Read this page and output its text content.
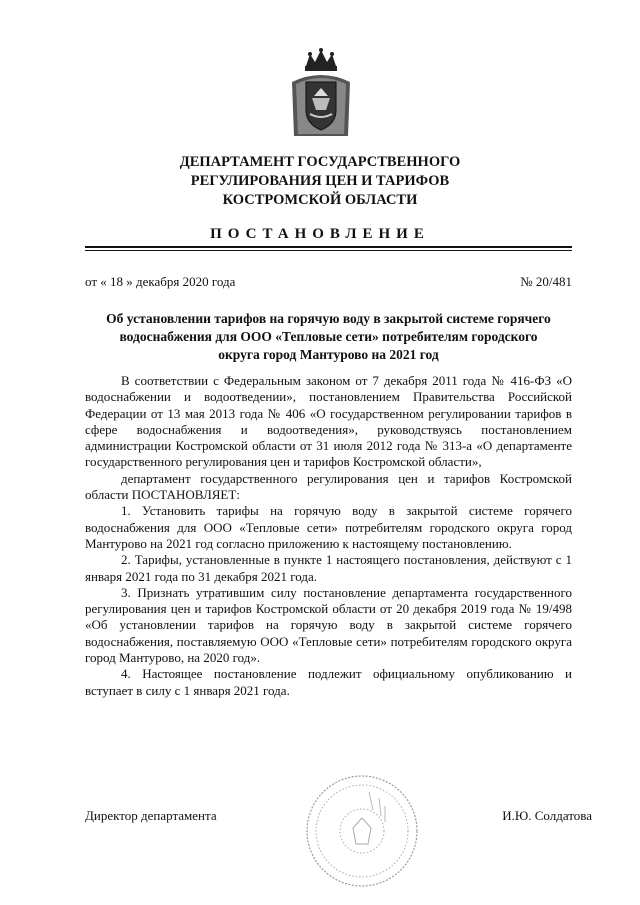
ДЕПАРТАМЕНТ ГОСУДАРСТВЕННОГО
РЕГУЛИРОВАНИЯ ЦЕН И ТАРИФОВ
КОСТРОМСКОЙ ОБЛАСТИ
ПОСТАНОВЛЕНИЕ
от « 18 » декабря 2020 года	№ 20/481
Об установлении тарифов на горячую воду в закрытой системе горячего
водоснабжения для ООО «Тепловые сети» потребителям городского
округа город Мантурово на 2021 год

В соответствии с Федеральным законом от 7 декабря 2011 года № 416-ФЗ «О водоснабжении и водоотведении», постановлением Правительства Российской Федерации от 13 мая 2013 года № 406 «О государственном регулировании тарифов в сфере водоснабжения и водоотведения», руководствуясь постановлением администрации Костромской области от 31 июля 2012 года № 313-а «О департаменте государственного регулирования цен и тарифов Костромской области»,

департамент государственного регулирования цен и тарифов Костромской области ПОСТАНОВЛЯЕТ:

1. Установить тарифы на горячую воду в закрытой системе горячего водоснабжения для ООО «Тепловые сети» потребителям городского округа город Мантурово на 2021 год согласно приложению к настоящему постановлению.

2. Тарифы, установленные в пункте 1 настоящего постановления, действуют с 1 января 2021 года по 31 декабря 2021 года.

3. Признать утратившим силу постановление департамента государственного регулирования цен и тарифов Костромской области от 20 декабря 2019 года № 19/498 «Об установлении тарифов на горячую воду в закрытой системе горячего водоснабжения, поставляемую ООО «Тепловые сети» потребителям городского округа город Мантурово, на 2020 год».

4. Настоящее постановление подлежит официальному опубликованию и вступает в силу с 1 января 2021 года.

Директор департамента	И.Ю. Солдатова
